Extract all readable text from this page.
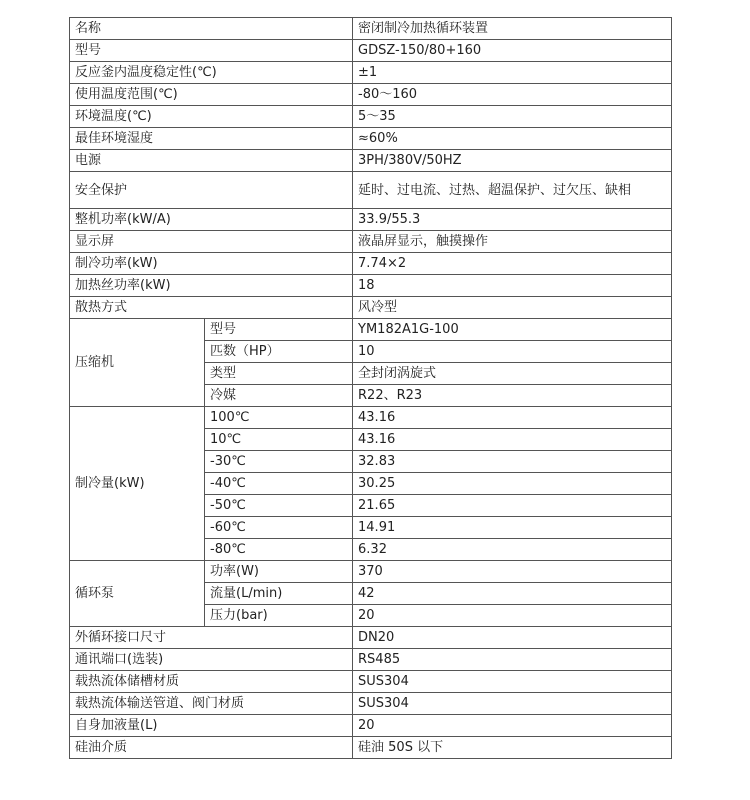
名称		密闭制冷加热循环装置
型号		GDSZ-150/80+160
反应釜内温度稳定性(℃)		±1
使用温度范围(℃)		-80～160
环境温度(℃)		5～35
最佳环境湿度		≈60%
电源		3PH/380V/50HZ
安全保护		延时、过电流、过热、超温保护、过欠压、缺相
整机功率(kW/A)		33.9/55.3
显示屏		液晶屏显示，触摸操作
制冷功率(kW)		7.74×2
加热丝功率(kW)		18
散热方式		风冷型
压缩机	型号	YM182A1G-100
	匹数（HP）	10
	类型	全封闭涡旋式
	冷媒	R22、R23
制冷量(kW)	100℃	43.16
	10℃	43.16
	-30℃	32.83
	-40℃	30.25
	-50℃	21.65
	-60℃	14.91
	-80℃	6.32
循环泵	功率(W)	370
	流量(L/min)	42
	压力(bar)	20
外循环接口尺寸		DN20
通讯端口(选装)		RS485
载热流体储槽材质		SUS304
载热流体输送管道、阀门材质		SUS304
自身加液量(L)		20
硅油介质		硅油 50S 以下
